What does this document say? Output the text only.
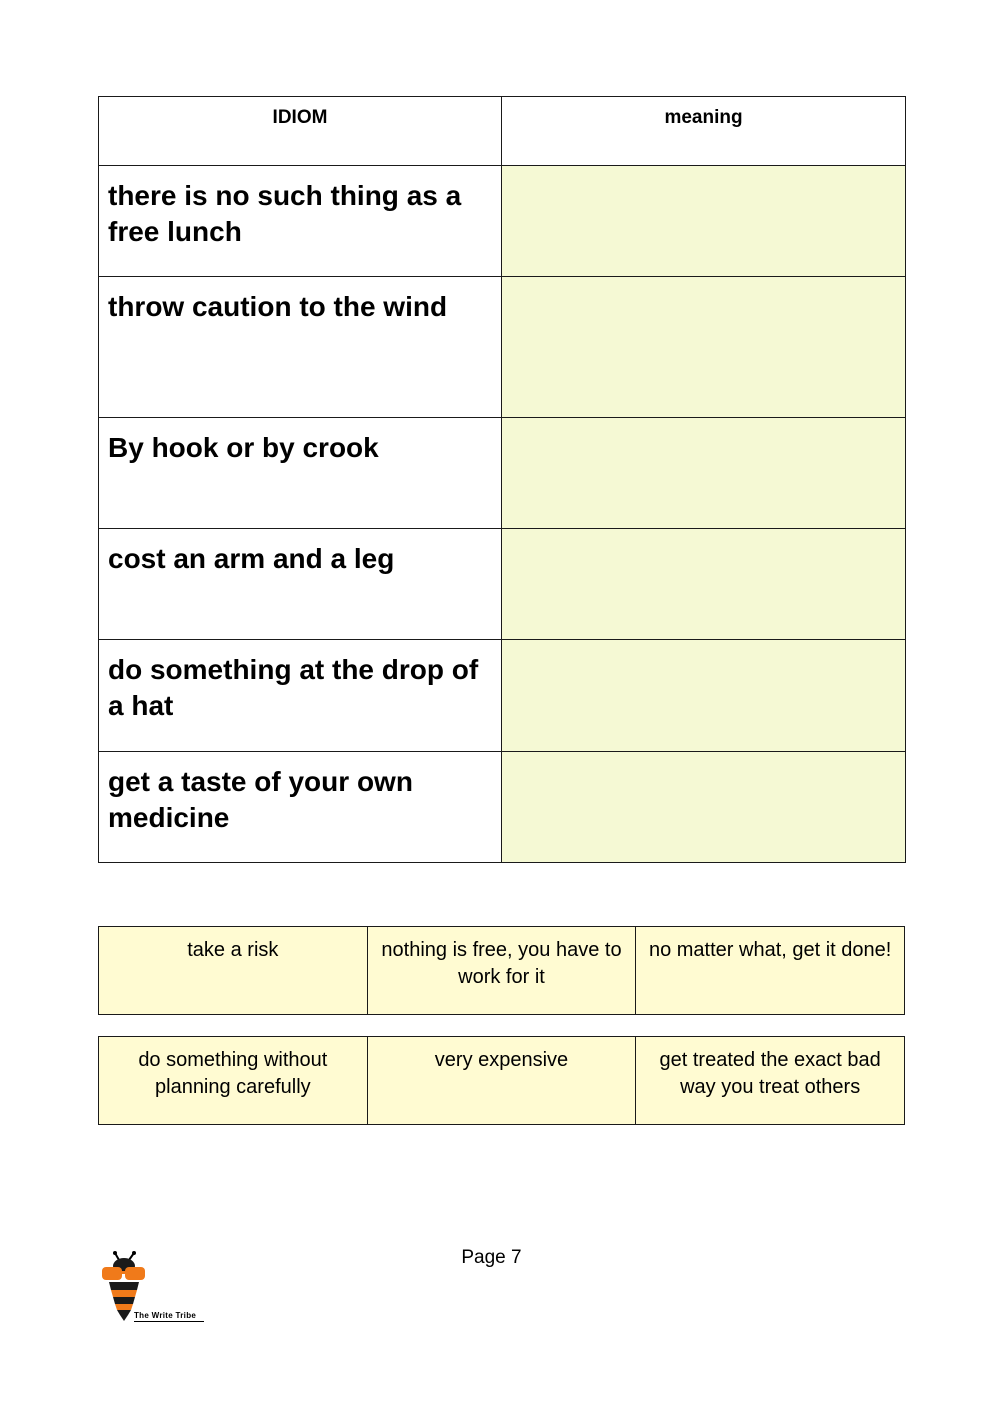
IDIOM	meaning
there is no such thing as a free lunch	
throw caution to the wind	
By hook or by crook	
cost an arm and a leg	
do something at the drop of a hat	
get a taste of your own medicine	
take a risk	nothing is free, you have to work for it	no matter what, get it done!
do something without planning carefully	very expensive	get treated the exact bad way you treat others
Page 7
The Write Tribe
